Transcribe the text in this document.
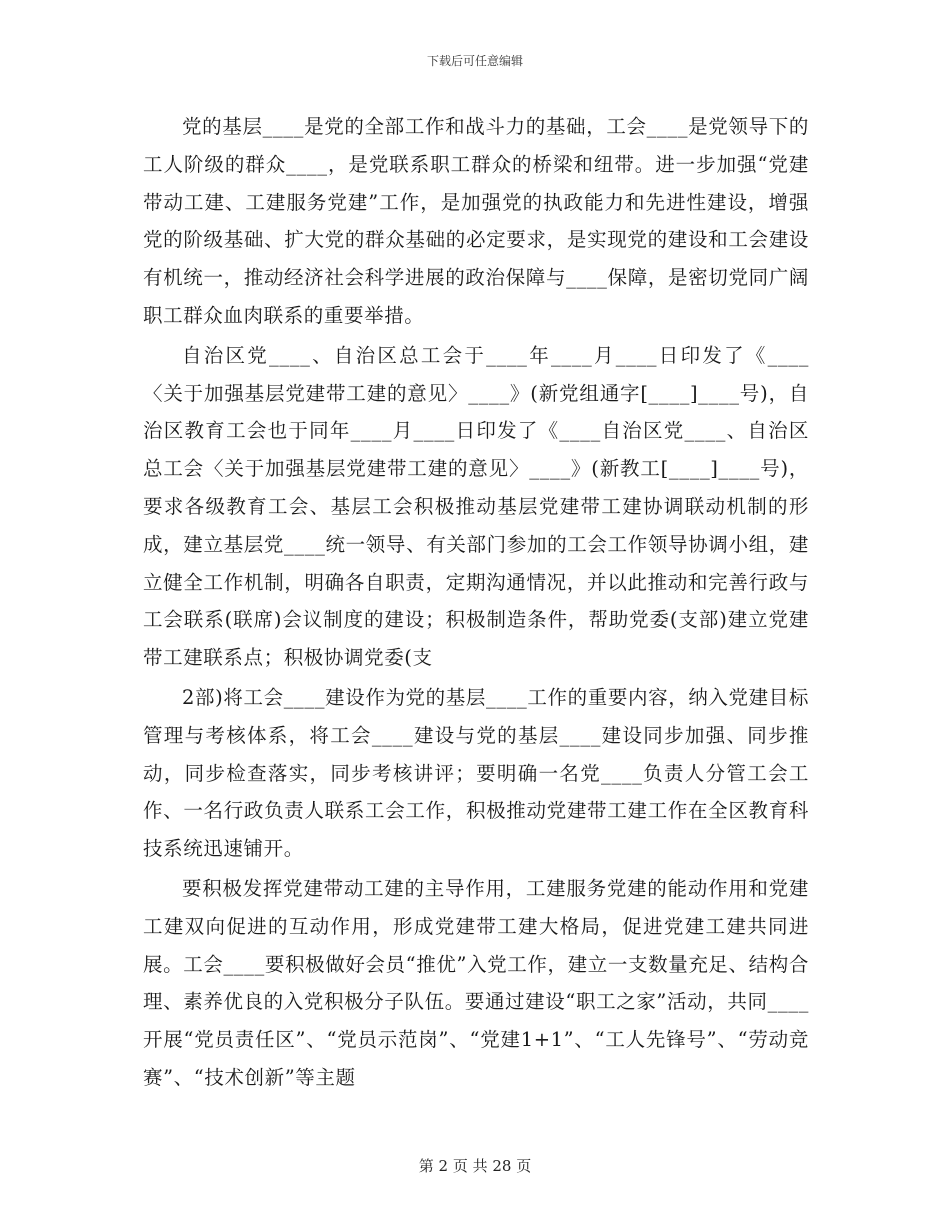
下载后可任意编辑

党的基层____是党的全部工作和战斗力的基础，工会____是党领导下的工人阶级的群众____，是党联系职工群众的桥梁和纽带。进一步加强“党建带动工建、工建服务党建”工作，是加强党的执政能力和先进性建设，增强党的阶级基础、扩大党的群众基础的必定要求，是实现党的建设和工会建设有机统一，推动经济社会科学进展的政治保障与____保障，是密切党同广阔职工群众血肉联系的重要举措。

自治区党____、自治区总工会于____年____月____日印发了《____〈关于加强基层党建带工建的意见〉____》(新党组通字[____]____号)，自治区教育工会也于同年____月____日印发了《____自治区党____、自治区总工会〈关于加强基层党建带工建的意见〉____》(新教工[____]____号)，要求各级教育工会、基层工会积极推动基层党建带工建协调联动机制的形成，建立基层党____统一领导、有关部门参加的工会工作领导协调小组，建立健全工作机制，明确各自职责，定期沟通情况，并以此推动和完善行政与工会联系(联席)会议制度的建设；积极制造条件，帮助党委(支部)建立党建带工建联系点；积极协调党委(支

2部)将工会____建设作为党的基层____工作的重要内容，纳入党建目标管理与考核体系，将工会____建设与党的基层____建设同步加强、同步推动，同步检查落实，同步考核讲评；要明确一名党____负责人分管工会工作、一名行政负责人联系工会工作，积极推动党建带工建工作在全区教育科技系统迅速铺开。

要积极发挥党建带动工建的主导作用，工建服务党建的能动作用和党建工建双向促进的互动作用，形成党建带工建大格局，促进党建工建共同进展。工会____要积极做好会员“推优”入党工作，建立一支数量充足、结构合理、素养优良的入党积极分子队伍。要通过建设“职工之家”活动，共同____开展“党员责任区”、“党员示范岗”、“党建1+1”、“工人先锋号”、“劳动竞赛”、“技术创新”等主题

第 2 页 共 28 页
